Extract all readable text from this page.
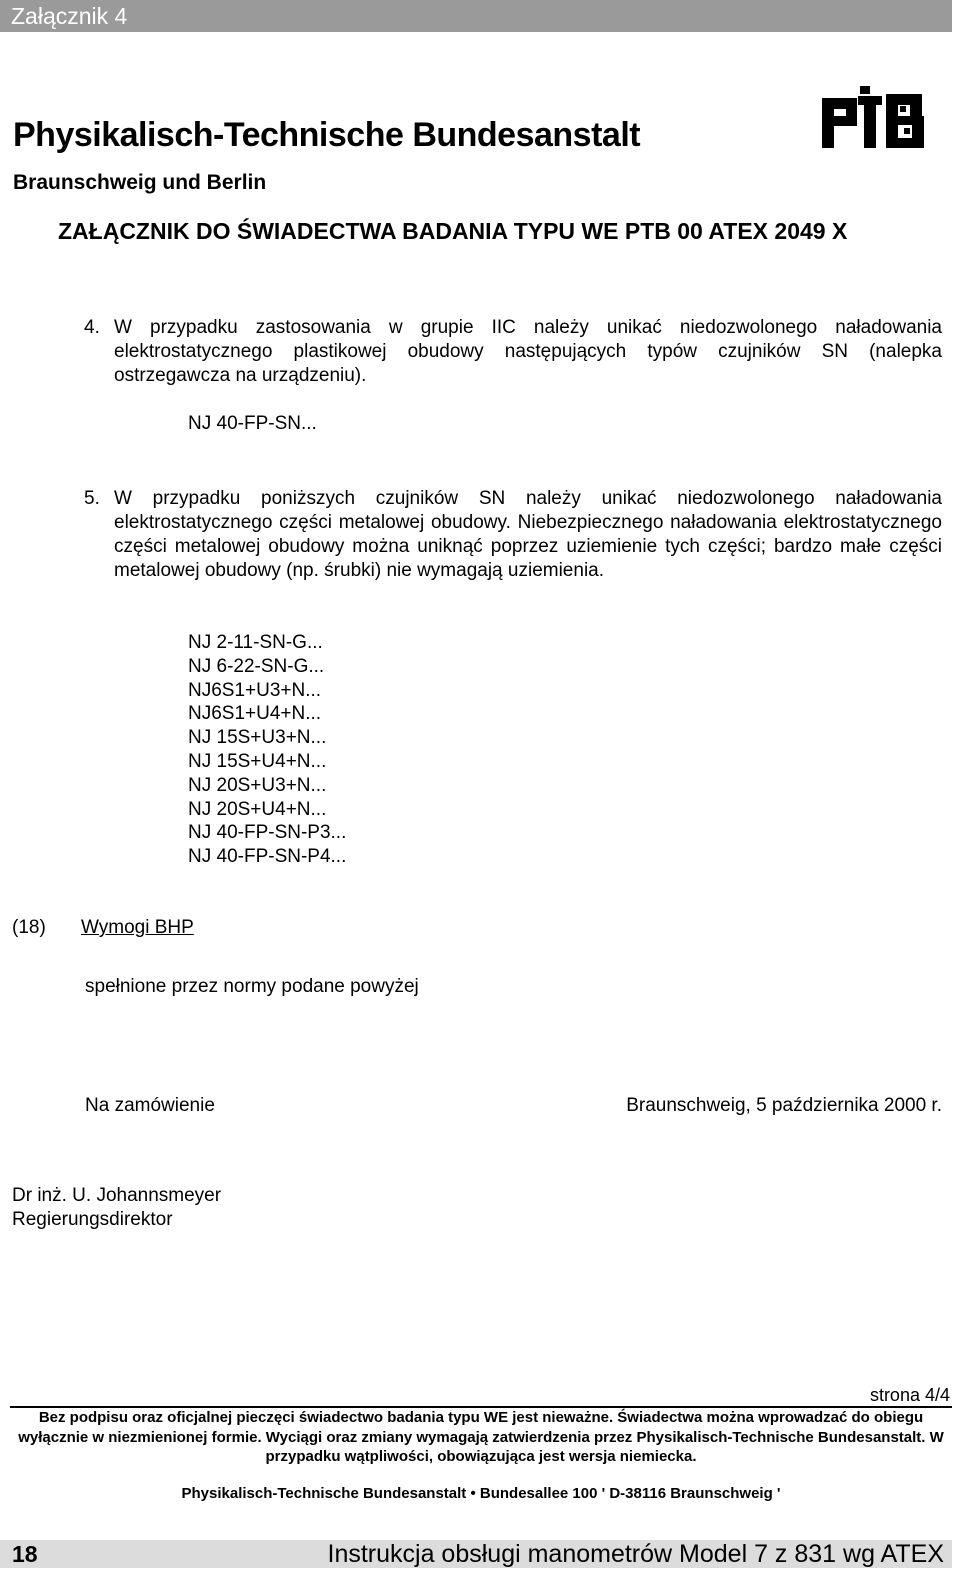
Załącznik 4
Physikalisch-Technische Bundesanstalt
Braunschweig und Berlin
ZAŁĄCZNIK DO ŚWIADECTWA BADANIA TYPU WE PTB 00 ATEX 2049 X
4. W przypadku zastosowania w grupie IIC należy unikać niedozwolonego naładowania elektrostatycznego plastikowej obudowy następujących typów czujników SN (nalepka ostrzegawcza na urządzeniu).
NJ 40-FP-SN...
5. W przypadku poniższych czujników SN należy unikać niedozwolonego naładowania elektrostatycznego części metalowej obudowy. Niebezpiecznego naładowania elektrostatycznego części metalowej obudowy można uniknąć poprzez uziemienie tych części; bardzo małe części metalowej obudowy (np. śrubki) nie wymagają uziemienia.
NJ 2-11-SN-G...
NJ 6-22-SN-G...
NJ6S1+U3+N...
NJ6S1+U4+N...
NJ 15S+U3+N...
NJ 15S+U4+N...
NJ 20S+U3+N...
NJ 20S+U4+N...
NJ 40-FP-SN-P3...
NJ 40-FP-SN-P4...
(18) Wymogi BHP
spełnione przez normy podane powyżej
Na zamówienie	Braunschweig, 5 października 2000 r.
Dr inż. U. Johannsmeyer
Regierungsdirektor
strona 4/4
Bez podpisu oraz oficjalnej pieczęci świadectwo badania typu WE jest nieważne. Świadectwa można wprowadzać do obiegu wyłącznie w niezmienionej formie. Wyciągi oraz zmiany wymagają zatwierdzenia przez Physikalisch-Technische Bundesanstalt. W przypadku wątpliwości, obowiązująca jest wersja niemiecka.
Physikalisch-Technische Bundesanstalt • Bundesallee 100 ' D-38116 Braunschweig '
18	Instrukcja obsługi manometrów Model 7 z 831 wg ATEX
